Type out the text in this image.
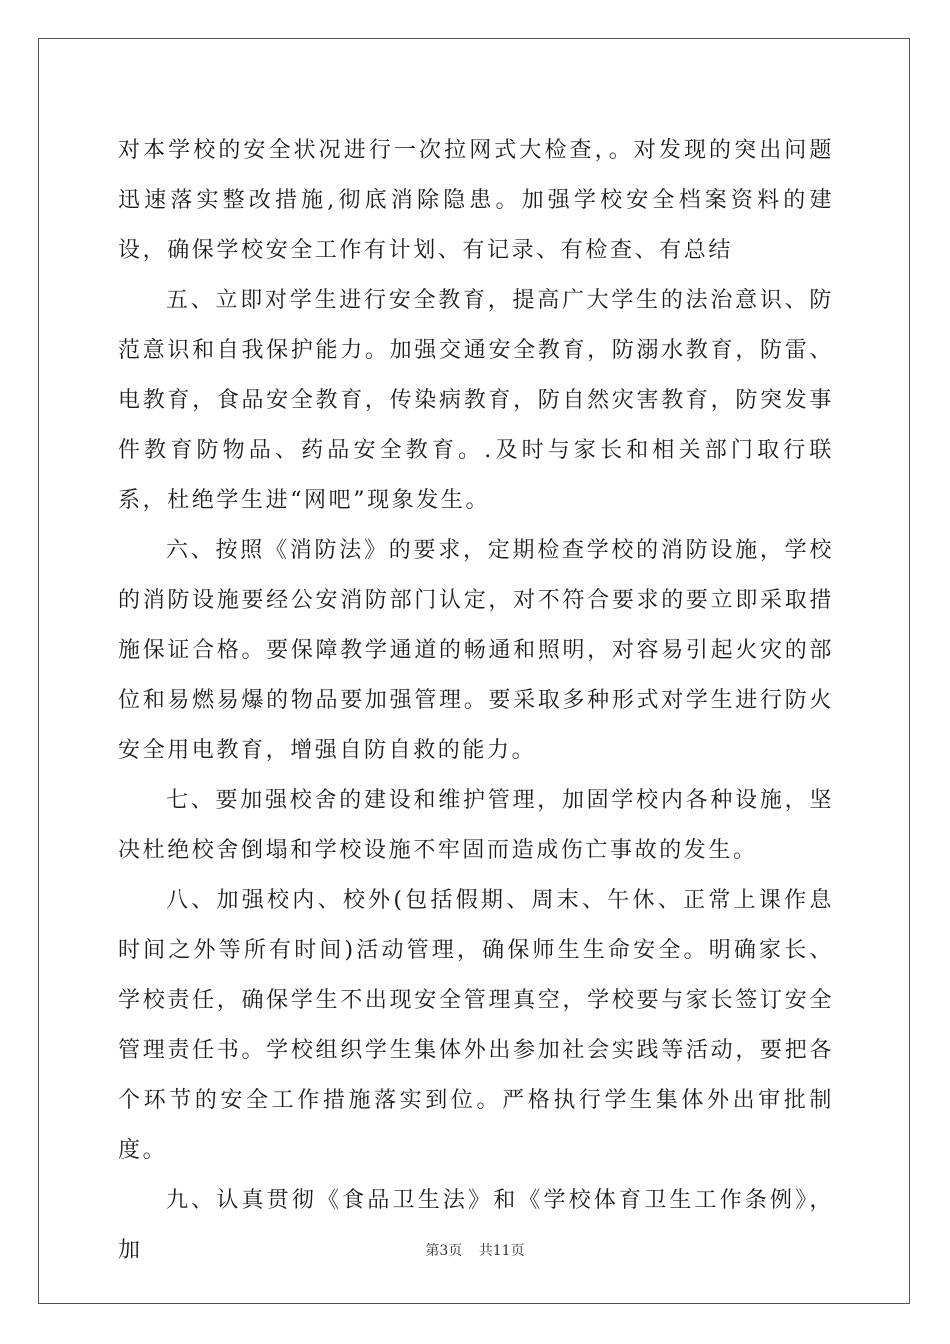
对本学校的安全状况进行一次拉网式大检查，。对发现的突出问题迅速落实整改措施,彻底消除隐患。加强学校安全档案资料的建设，确保学校安全工作有计划、有记录、有检查、有总结

五、立即对学生进行安全教育，提高广大学生的法治意识、防范意识和自我保护能力。加强交通安全教育，防溺水教育，防雷、电教育，食品安全教育，传染病教育，防自然灾害教育，防突发事件教育防物品、药品安全教育。.及时与家长和相关部门取行联系，杜绝学生进“网吧”现象发生。

六、按照《消防法》的要求，定期检查学校的消防设施，学校的消防设施要经公安消防部门认定，对不符合要求的要立即采取措施保证合格。要保障教学通道的畅通和照明，对容易引起火灾的部位和易燃易爆的物品要加强管理。要采取多种形式对学生进行防火安全用电教育，增强自防自救的能力。

七、要加强校舍的建设和维护管理，加固学校内各种设施，坚决杜绝校舍倒塌和学校设施不牢固而造成伤亡事故的发生。

八、加强校内、校外(包括假期、周末、午休、正常上课作息时间之外等所有时间)活动管理，确保师生生命安全。明确家长、学校责任，确保学生不出现安全管理真空，学校要与家长签订安全管理责任书。学校组织学生集体外出参加社会实践等活动，要把各个环节的安全工作措施落实到位。严格执行学生集体外出审批制度。

九、认真贯彻《食品卫生法》和《学校体育卫生工作条例》，加	第3页 共11页
